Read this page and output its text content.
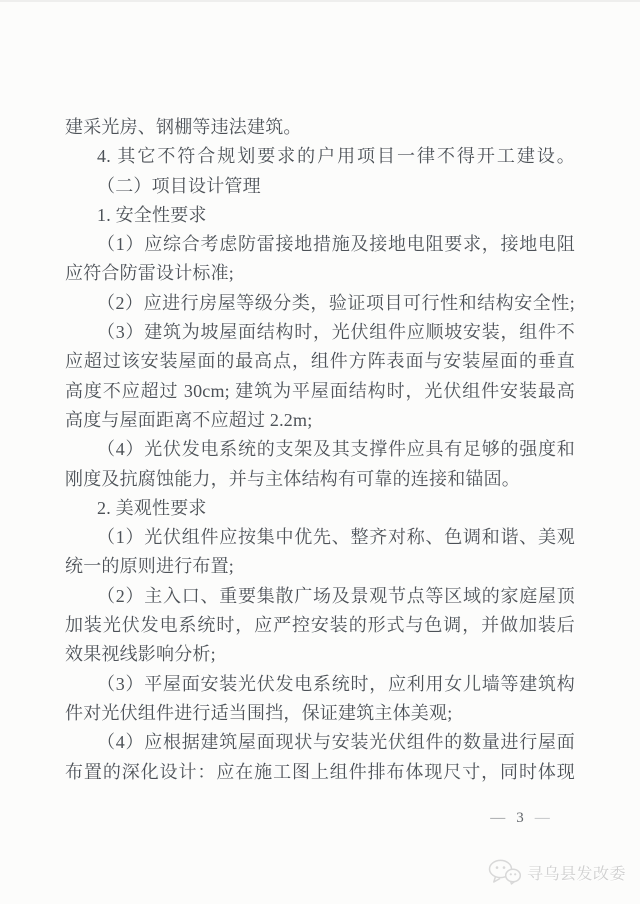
建采光房、钢棚等违法建筑。
4. 其它不符合规划要求的户用项目一律不得开工建设。
（二）项目设计管理
1. 安全性要求
（1）应综合考虑防雷接地措施及接地电阻要求，接地电阻
应符合防雷设计标准;
（2）应进行房屋等级分类，验证项目可行性和结构安全性;
（3）建筑为坡屋面结构时，光伏组件应顺坡安装，组件不
应超过该安装屋面的最高点，组件方阵表面与安装屋面的垂直
高度不应超过 30cm; 建筑为平屋面结构时，光伏组件安装最高
高度与屋面距离不应超过 2.2m;
（4）光伏发电系统的支架及其支撑件应具有足够的强度和
刚度及抗腐蚀能力，并与主体结构有可靠的连接和锚固。
2. 美观性要求
（1）光伏组件应按集中优先、整齐对称、色调和谐、美观
统一的原则进行布置;
（2）主入口、重要集散广场及景观节点等区域的家庭屋顶
加装光伏发电系统时，应严控安装的形式与色调，并做加装后
效果视线影响分析;
（3）平屋面安装光伏发电系统时，应利用女儿墙等建筑构
件对光伏组件进行适当围挡，保证建筑主体美观;
（4）应根据建筑屋面现状与安装光伏组件的数量进行屋面
布置的深化设计：应在施工图上组件排布体现尺寸，同时体现
— 3 —
寻乌县发改委
